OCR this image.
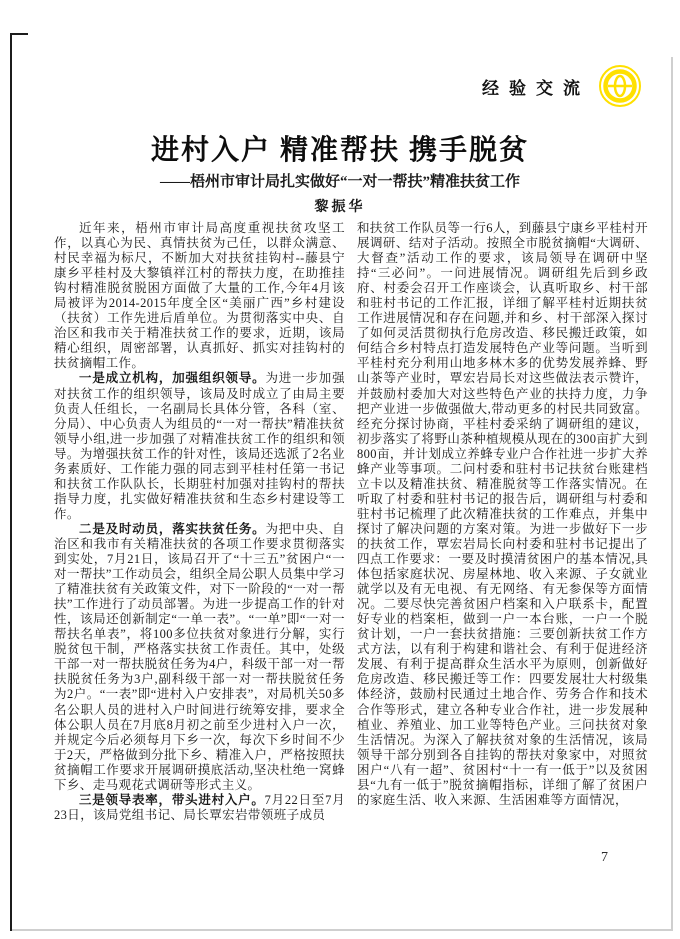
经验交流
进村入户 精准帮扶 携手脱贫
——梧州市审计局扎实做好“一对一帮扶”精准扶贫工作
黎振华

近年来，梧州市审计局高度重视扶贫攻坚工作，以真心为民、真情扶贫为己任，以群众满意、村民幸福为标尺，不断加大对扶贫挂钩村--藤县宁康乡平桂村及大黎镇祥江村的帮扶力度，在助推挂钩村精准脱贫脱困方面做了大量的工作,今年4月该局被评为2014-2015年度全区“美丽广西”乡村建设（扶贫）工作先进后盾单位。为贯彻落实中央、自治区和我市关于精准扶贫工作的要求，近期，该局精心组织，周密部署，认真抓好、抓实对挂钩村的扶贫摘帽工作。

一是成立机构，加强组织领导。为进一步加强对扶贫工作的组织领导，该局及时成立了由局主要负责人任组长，一名副局长具体分管，各科（室、分局）、中心负责人为组员的“一对一帮扶”精准扶贫领导小组,进一步加强了对精准扶贫工作的组织和领导。为增强扶贫工作的针对性，该局还选派了2名业务素质好、工作能力强的同志到平桂村任第一书记和扶贫工作队队长，长期驻村加强对挂钩村的帮扶指导力度，扎实做好精准扶贫和生态乡村建设等工作。

二是及时动员，落实扶贫任务。为把中央、自治区和我市有关精准扶贫的各项工作要求贯彻落实到实处，7月21日，该局召开了“十三五”贫困户“一对一帮扶”工作动员会，组织全局公职人员集中学习了精准扶贫有关政策文件，对下一阶段的“一对一帮扶”工作进行了动员部署。为进一步提高工作的针对性，该局还创新制定“一单一表”。“一单”即“一对一帮扶名单表”，将100多位扶贫对象进行分解，实行脱贫包干制，严格落实扶贫工作责任。其中，处级干部一对一帮扶脱贫任务为4户，科级干部一对一帮扶脱贫任务为3户,副科级干部一对一帮扶脱贫任务为2户。“一表”即“进村入户安排表”，对局机关50多名公职人员的进村入户时间进行统筹安排，要求全体公职人员在7月底8月初之前至少进村入户一次，并规定今后必须每月下乡一次，每次下乡时间不少于2天，严格做到分批下乡、精准入户，严格按照扶贫摘帽工作要求开展调研摸底活动,坚决杜绝一窝蜂下乡、走马观花式调研等形式主义。

三是领导表率，带头进村入户。7月22日至7月23日，该局党组书记、局长覃宏岩带领班子成员

和扶贫工作队员等一行6人，到藤县宁康乡平桂村开展调研、结对子活动。按照全市脱贫摘帽“大调研、大督查”活动工作的要求，该局领导在调研中坚持“三必问”。一问进展情况。调研组先后到乡政府、村委会召开工作座谈会，认真听取乡、村干部和驻村书记的工作汇报，详细了解平桂村近期扶贫工作进展情况和存在问题,并和乡、村干部深入探讨了如何灵活贯彻执行危房改造、移民搬迁政策，如何结合乡村特点打造发展特色产业等问题。当听到平桂村充分利用山地多林木多的优势发展养蜂、野山茶等产业时，覃宏岩局长对这些做法表示赞许，并鼓励村委加大对这些特色产业的扶持力度，力争把产业进一步做强做大,带动更多的村民共同致富。经充分探讨协商，平桂村委采纳了调研组的建议，初步落实了将野山茶种植规模从现在的300亩扩大到800亩，并计划成立养蜂专业户合作社进一步扩大养蜂产业等事项。二问村委和驻村书记扶贫台账建档立卡以及精准扶贫、精准脱贫等工作落实情况。在听取了村委和驻村书记的报告后，调研组与村委和驻村书记梳理了此次精准扶贫的工作难点，并集中探讨了解决问题的方案对策。为进一步做好下一步的扶贫工作，覃宏岩局长向村委和驻村书记提出了四点工作要求：一要及时摸清贫困户的基本情况,具体包括家庭状况、房屋林地、收入来源、子女就业就学以及有无电视、有无网络、有无参保等方面情况。二要尽快完善贫困户档案和入户联系卡，配置好专业的档案柜，做到一户一本台账，一户一个脱贫计划，一户一套扶贫措施：三要创新扶贫工作方式方法，以有利于构建和谐社会、有利于促进经济发展、有利于提高群众生活水平为原则，创新做好危房改造、移民搬迁等工作：四要发展壮大村级集体经济，鼓励村民通过土地合作、劳务合作和技术合作等形式，建立各种专业合作社，进一步发展种植业、养殖业、加工业等特色产业。三问扶贫对象生活情况。为深入了解扶贫对象的生活情况，该局领导干部分别到各自挂钩的帮扶对象家中，对照贫困户“八有一超”、贫困村“十一有一低于”以及贫困县“九有一低于”脱贫摘帽指标，详细了解了贫困户的家庭生活、收入来源、生活困难等方面情况，

7
